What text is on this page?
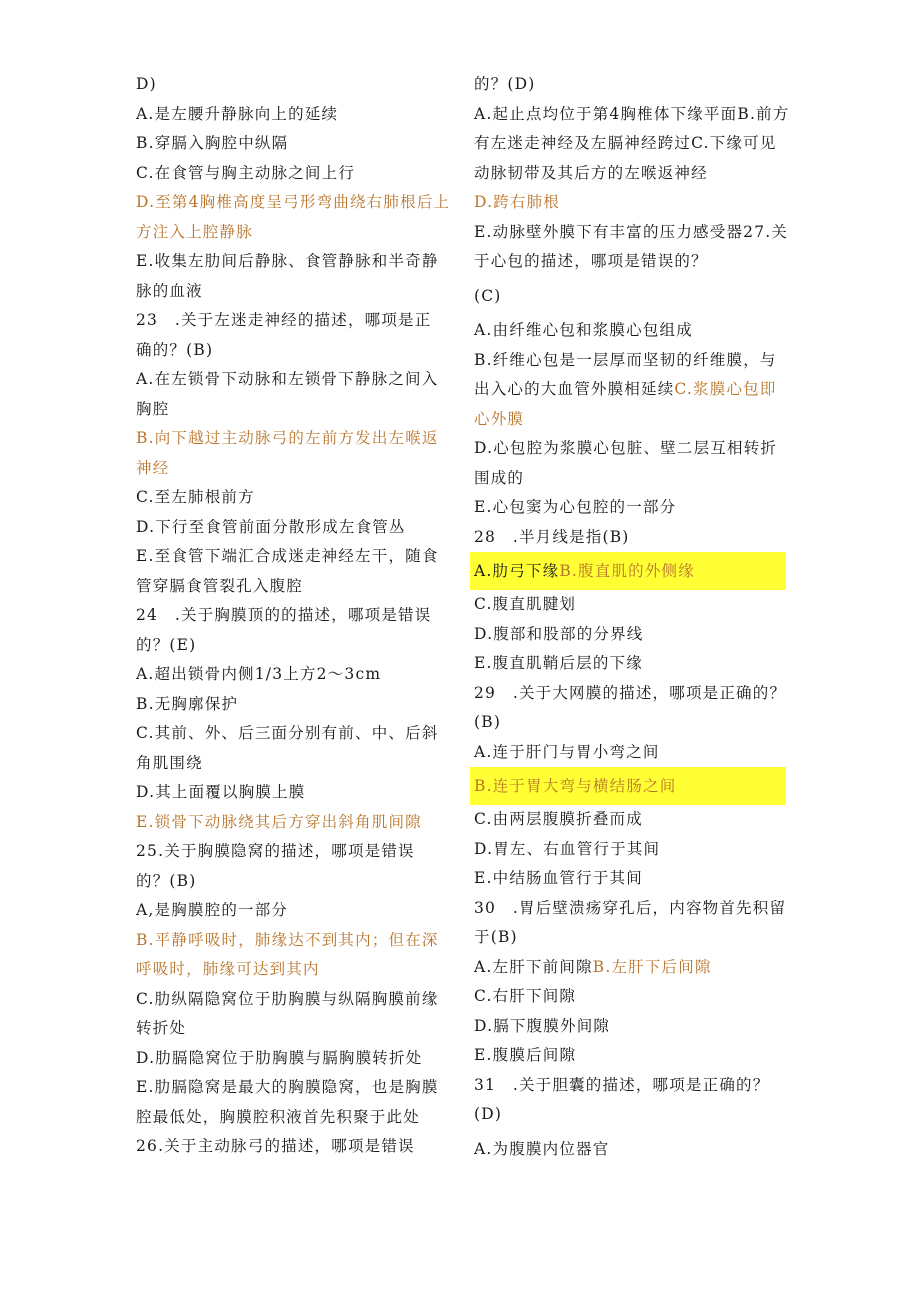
D)
A.是左腰升静脉向上的延续
B.穿膈入胸腔中纵隔
C.在食管与胸主动脉之间上行
D.至第4胸椎高度呈弓形弯曲绕右肺根后上
方注入上腔静脉
E.收集左肋间后静脉、食管静脉和半奇静
脉的血液
23　.关于左迷走神经的描述，哪项是正
确的？(B)
A.在左锁骨下动脉和左锁骨下静脉之间入
胸腔
B.向下越过主动脉弓的左前方发出左喉返
神经
C.至左肺根前方
D.下行至食管前面分散形成左食管丛
E.至食管下端汇合成迷走神经左干，随食
管穿膈食管裂孔入腹腔
24　.关于胸膜顶的的描述，哪项是错误
的？(E)
A.超出锁骨内侧1/3上方2～3cm
B.无胸廓保护
C.其前、外、后三面分别有前、中、后斜
角肌围绕
D.其上面覆以胸膜上膜
E.锁骨下动脉绕其后方穿出斜角肌间隙
25.关于胸膜隐窝的描述，哪项是错误
的？(B)
A,是胸膜腔的一部分
B.平静呼吸时，肺缘达不到其内；但在深
呼吸时，肺缘可达到其内
C.肋纵隔隐窝位于肋胸膜与纵隔胸膜前缘
转折处
D.肋膈隐窝位于肋胸膜与膈胸膜转折处
E.肋膈隐窝是最大的胸膜隐窝，也是胸膜
腔最低处，胸膜腔积液首先积聚于此处
26.关于主动脉弓的描述，哪项是错误
的？(D)
A.起止点均位于第4胸椎体下缘平面B.前方
有左迷走神经及左膈神经跨过C.下缘可见
动脉韧带及其后方的左喉返神经
D.跨右肺根
E.动脉壁外膜下有丰富的压力感受器27.关
于心包的描述，哪项是错误的？
(C)
A.由纤维心包和浆膜心包组成
B.纤维心包是一层厚而坚韧的纤维膜，与
出入心的大血管外膜相延续C.浆膜心包即
心外膜
D.心包腔为浆膜心包脏、壁二层互相转折
围成的
E.心包窦为心包腔的一部分
28　.半月线是指(B)
A.肋弓下缘B.腹直肌的外侧缘
C.腹直肌腱划
D.腹部和股部的分界线
E.腹直肌鞘后层的下缘
29　.关于大网膜的描述，哪项是正确的？
(B)
A.连于肝门与胃小弯之间
B.连于胃大弯与横结肠之间
C.由两层腹膜折叠而成
D.胃左、右血管行于其间
E.中结肠血管行于其间
30　.胃后壁溃疡穿孔后，内容物首先积留
于(B)
A.左肝下前间隙B.左肝下后间隙
C.右肝下间隙
D.膈下腹膜外间隙
E.腹膜后间隙
31　.关于胆囊的描述，哪项是正确的？
(D)
A.为腹膜内位器官
